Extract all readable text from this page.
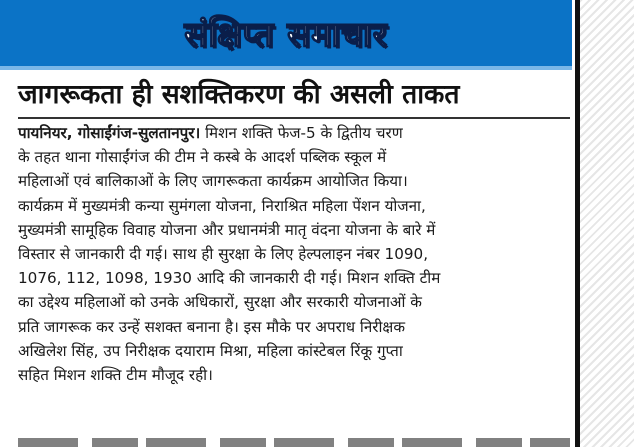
संक्षिप्त समाचार
जागरूकता ही सशक्तिकरण की असली ताकत
पायनियर, गोसाईंगंज-सुलतानपुर। मिशन शक्ति फेज-5 के द्वितीय चरण
के तहत थाना गोसाईंगंज की टीम ने कस्बे के आदर्श पब्लिक स्कूल में
महिलाओं एवं बालिकाओं के लिए जागरूकता कार्यक्रम आयोजित किया।
कार्यक्रम में मुख्यमंत्री कन्या सुमंगला योजना, निराश्रित महिला पेंशन योजना,
मुख्यमंत्री सामूहिक विवाह योजना और प्रधानमंत्री मातृ वंदना योजना के बारे में
विस्तार से जानकारी दी गई। साथ ही सुरक्षा के लिए हेल्पलाइन नंबर 1090,
1076, 112, 1098, 1930 आदि की जानकारी दी गई। मिशन शक्ति टीम
का उद्देश्य महिलाओं को उनके अधिकारों, सुरक्षा और सरकारी योजनाओं के
प्रति जागरूक कर उन्हें सशक्त बनाना है। इस मौके पर अपराध निरीक्षक
अखिलेश सिंह, उप निरीक्षक दयाराम मिश्रा, महिला कांस्टेबल रिंकू गुप्ता
सहित मिशन शक्ति टीम मौजूद रही।
